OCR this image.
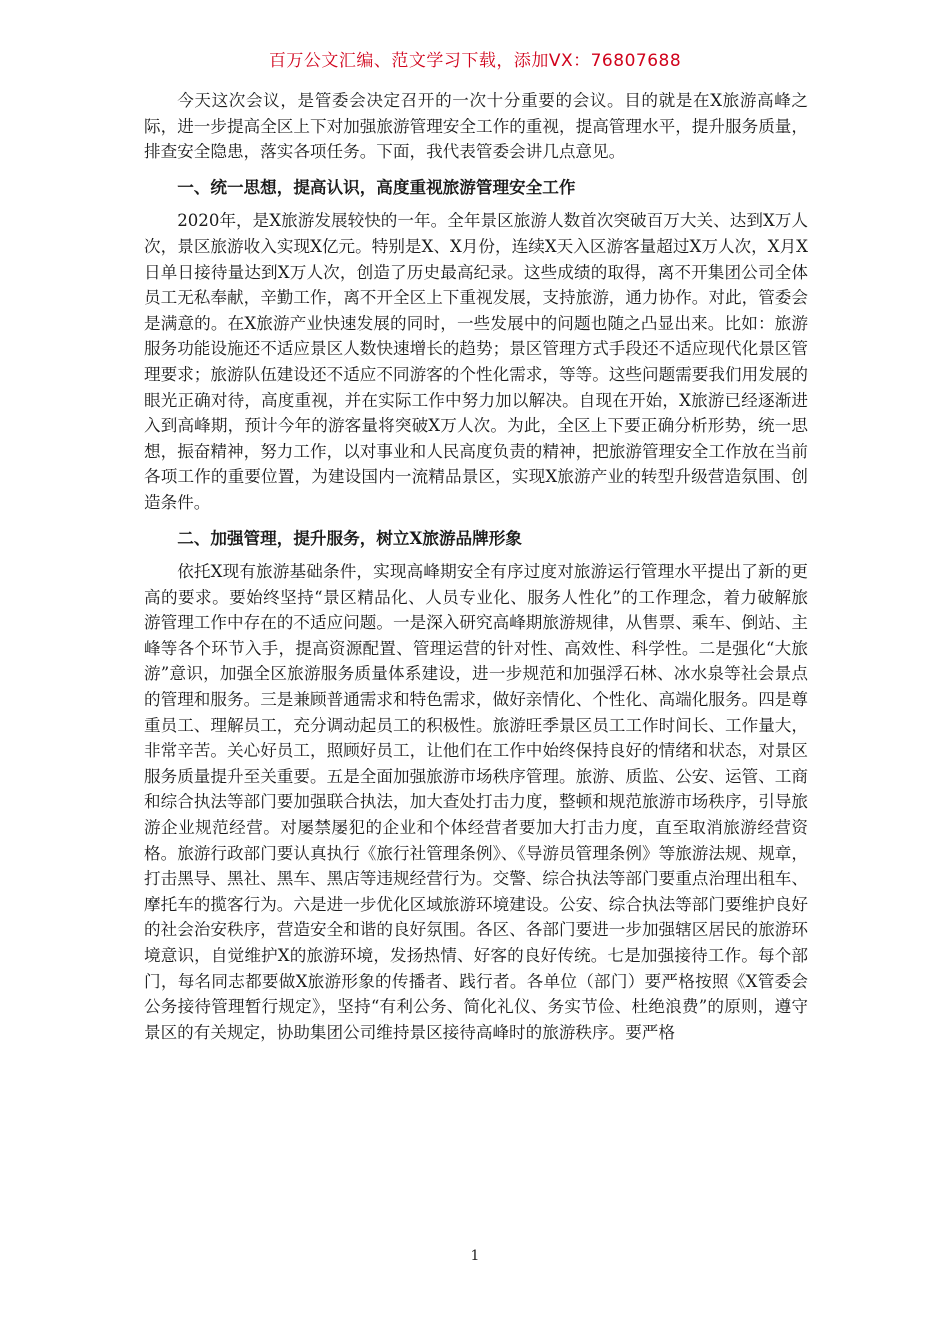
百万公文汇编、范文学习下载，添加VX：76807688

今天这次会议，是管委会决定召开的一次十分重要的会议。目的就是在X旅游高峰之际，进一步提高全区上下对加强旅游管理安全工作的重视，提高管理水平，提升服务质量，排查安全隐患，落实各项任务。下面，我代表管委会讲几点意见。

一、统一思想，提高认识，高度重视旅游管理安全工作

2020年，是X旅游发展较快的一年。全年景区旅游人数首次突破百万大关、达到X万人次，景区旅游收入实现X亿元。特别是X、X月份，连续X天入区游客量超过X万人次，X月X日单日接待量达到X万人次，创造了历史最高纪录。这些成绩的取得，离不开集团公司全体员工无私奉献，辛勤工作，离不开全区上下重视发展，支持旅游，通力协作。对此，管委会是满意的。在X旅游产业快速发展的同时，一些发展中的问题也随之凸显出来。比如：旅游服务功能设施还不适应景区人数快速增长的趋势；景区管理方式手段还不适应现代化景区管理要求；旅游队伍建设还不适应不同游客的个性化需求，等等。这些问题需要我们用发展的眼光正确对待，高度重视，并在实际工作中努力加以解决。自现在开始，X旅游已经逐渐进入到高峰期，预计今年的游客量将突破X万人次。为此，全区上下要正确分析形势，统一思想，振奋精神，努力工作，以对事业和人民高度负责的精神，把旅游管理安全工作放在当前各项工作的重要位置，为建设国内一流精品景区，实现X旅游产业的转型升级营造氛围、创造条件。

二、加强管理，提升服务，树立X旅游品牌形象

依托X现有旅游基础条件，实现高峰期安全有序过度对旅游运行管理水平提出了新的更高的要求。要始终坚持“景区精品化、人员专业化、服务人性化”的工作理念，着力破解旅游管理工作中存在的不适应问题。一是深入研究高峰期旅游规律，从售票、乘车、倒站、主峰等各个环节入手，提高资源配置、管理运营的针对性、高效性、科学性。二是强化“大旅游”意识，加强全区旅游服务质量体系建设，进一步规范和加强浮石林、冰水泉等社会景点的管理和服务。三是兼顾普通需求和特色需求，做好亲情化、个性化、高端化服务。四是尊重员工、理解员工，充分调动起员工的积极性。旅游旺季景区员工工作时间长、工作量大，非常辛苦。关心好员工，照顾好员工，让他们在工作中始终保持良好的情绪和状态，对景区服务质量提升至关重要。五是全面加强旅游市场秩序管理。旅游、质监、公安、运管、工商和综合执法等部门要加强联合执法，加大查处打击力度，整顿和规范旅游市场秩序，引导旅游企业规范经营。对屡禁屡犯的企业和个体经营者要加大打击力度，直至取消旅游经营资格。旅游行政部门要认真执行《旅行社管理条例》、《导游员管理条例》等旅游法规、规章，打击黑导、黑社、黑车、黑店等违规经营行为。交警、综合执法等部门要重点治理出租车、摩托车的揽客行为。六是进一步优化区域旅游环境建设。公安、综合执法等部门要维护良好的社会治安秩序，营造安全和谐的良好氛围。各区、各部门要进一步加强辖区居民的旅游环境意识，自觉维护X的旅游环境，发扬热情、好客的良好传统。七是加强接待工作。每个部门，每名同志都要做X旅游形象的传播者、践行者。各单位（部门）要严格按照《X管委会公务接待管理暂行规定》，坚持“有利公务、简化礼仪、务实节俭、杜绝浪费”的原则，遵守景区的有关规定，协助集团公司维持景区接待高峰时的旅游秩序。要严格

1
